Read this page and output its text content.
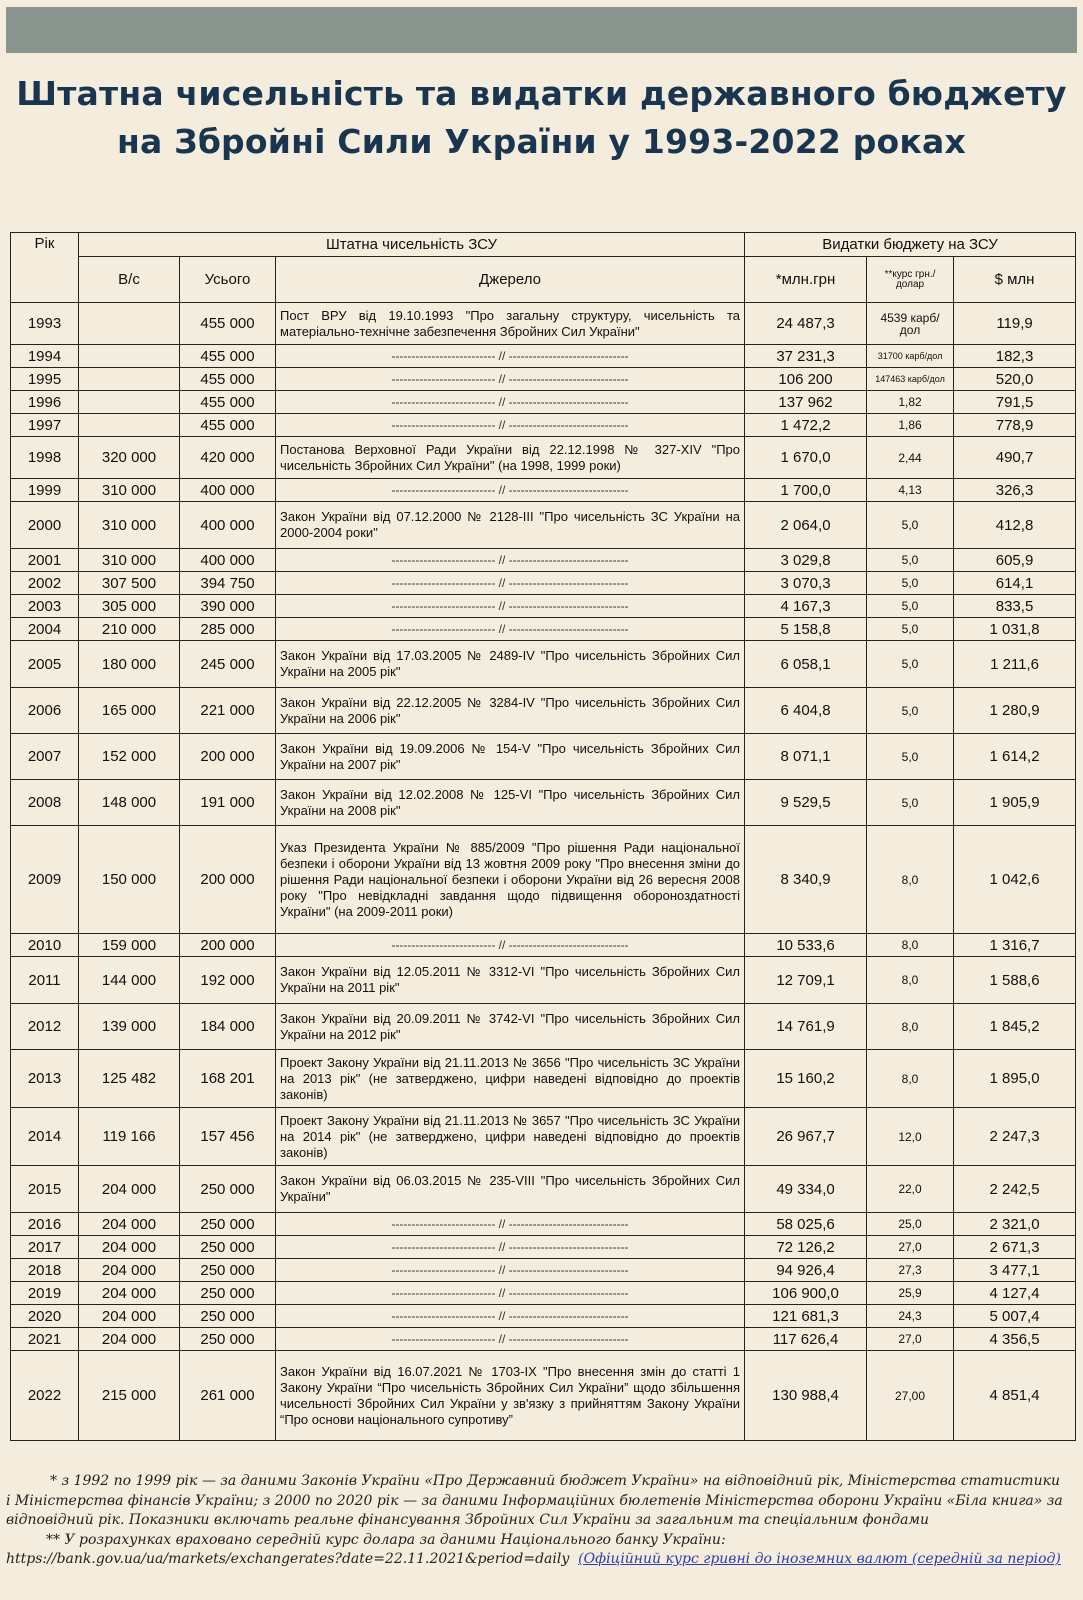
Штатна чисельність та видатки державного бюджету
на Збройні Сили України у 1993-2022 роках
Рік	Штатна чисельність ЗСУ			Видатки бюджету на ЗСУ		
	В/с	Усього	Джерело	*млн.грн	**курс грн./ долар	$ млн
1993		455 000	Пост ВРУ від 19.10.1993 "Про загальну структуру, чисельність та матеріально-технічне забезпечення Збройних Сил України"	24 487,3	4539 карб/ дол	119,9
1994		455 000	-------------------------- // ------------------------------	37 231,3	31700 карб/дол	182,3
1995		455 000	-------------------------- // ------------------------------	106 200	147463 карб/дол	520,0
1996		455 000	-------------------------- // ------------------------------	137 962	1,82	791,5
1997		455 000	-------------------------- // ------------------------------	1 472,2	1,86	778,9
1998	320 000	420 000	Постанова Верховної Ради України від 22.12.1998 № 327-XIV "Про чисельність Збройних Сил України" (на 1998, 1999 роки)	1 670,0	2,44	490,7
1999	310 000	400 000	-------------------------- // ------------------------------	1 700,0	4,13	326,3
2000	310 000	400 000	Закон України від 07.12.2000 № 2128-III "Про чисельність ЗС України на 2000-2004 роки"	2 064,0	5,0	412,8
2001	310 000	400 000	-------------------------- // ------------------------------	3 029,8	5,0	605,9
2002	307 500	394 750	-------------------------- // ------------------------------	3 070,3	5,0	614,1
2003	305 000	390 000	-------------------------- // ------------------------------	4 167,3	5,0	833,5
2004	210 000	285 000	-------------------------- // ------------------------------	5 158,8	5,0	1 031,8
2005	180 000	245 000	Закон України від 17.03.2005 № 2489-IV "Про чисельність Збройних Сил України на 2005 рік"	6 058,1	5,0	1 211,6
2006	165 000	221 000	Закон України від 22.12.2005 № 3284-IV "Про чисельність Збройних Сил України на 2006 рік"	6 404,8	5,0	1 280,9
2007	152 000	200 000	Закон України від 19.09.2006 № 154-V "Про чисельність Збройних Сил України на 2007 рік"	8 071,1	5,0	1 614,2
2008	148 000	191 000	Закон України від 12.02.2008 № 125-VI "Про чисельність Збройних Сил України на 2008 рік"	9 529,5	5,0	1 905,9
2009	150 000	200 000	Указ Президента України № 885/2009 "Про рішення Ради національної безпеки і оборони України від 13 жовтня 2009 року "Про внесення зміни до рішення Ради національної безпеки і оборони України від 26 вересня 2008 року "Про невідкладні завдання щодо підвищення обороноздатності України" (на 2009-2011 роки)	8 340,9	8,0	1 042,6
2010	159 000	200 000	-------------------------- // ------------------------------	10 533,6	8,0	1 316,7
2011	144 000	192 000	Закон України від 12.05.2011 № 3312-VI "Про чисельність Збройних Сил України на 2011 рік"	12 709,1	8,0	1 588,6
2012	139 000	184 000	Закон України від 20.09.2011 № 3742-VI "Про чисельність Збройних Сил України на 2012 рік"	14 761,9	8,0	1 845,2
2013	125 482	168 201	Проект Закону України від 21.11.2013 № 3656 "Про чисельність ЗС України на 2013 рік" (не затверджено, цифри наведені відповідно до проектів законів)	15 160,2	8,0	1 895,0
2014	119 166	157 456	Проект Закону України від 21.11.2013 № 3657 "Про чисельність ЗС України на 2014 рік" (не затверджено, цифри наведені відповідно до проектів законів)	26 967,7	12,0	2 247,3
2015	204 000	250 000	Закон України від 06.03.2015 № 235-VIII "Про чисельність Збройних Сил України"	49 334,0	22,0	2 242,5
2016	204 000	250 000	-------------------------- // ------------------------------	58 025,6	25,0	2 321,0
2017	204 000	250 000	-------------------------- // ------------------------------	72 126,2	27,0	2 671,3
2018	204 000	250 000	-------------------------- // ------------------------------	94 926,4	27,3	3 477,1
2019	204 000	250 000	-------------------------- // ------------------------------	106 900,0	25,9	4 127,4
2020	204 000	250 000	-------------------------- // ------------------------------	121 681,3	24,3	5 007,4
2021	204 000	250 000	-------------------------- // ------------------------------	117 626,4	27,0	4 356,5
2022	215 000	261 000	Закон України від 16.07.2021 № 1703-IX "Про внесення змін до статті 1 Закону України “Про чисельність Збройних Сил України” щодо збільшення чисельності Збройних Сил України у зв'язку з прийняттям Закону України “Про основи національного супротиву”	130 988,4	27,00	4 851,4

* з 1992 по 1999 рік — за даними Законів України «Про Державний бюджет України» на відповідний рік, Міністерства статистики і Міністерства фінансів України; з 2000 по 2020 рік — за даними Інформаційних бюлетенів Міністерства оборони України «Біла книга» за відповідний рік. Показники включать реальне фінансування Збройних Сил України за загальним та спеціальним фондами

** У розрахунках враховано середній курс долара за даними Національного банку України:

https://bank.gov.ua/ua/markets/exchangerates?date=22.11.2021&period=daily (Офіційний курс гривні до іноземних валют (середній за період)
